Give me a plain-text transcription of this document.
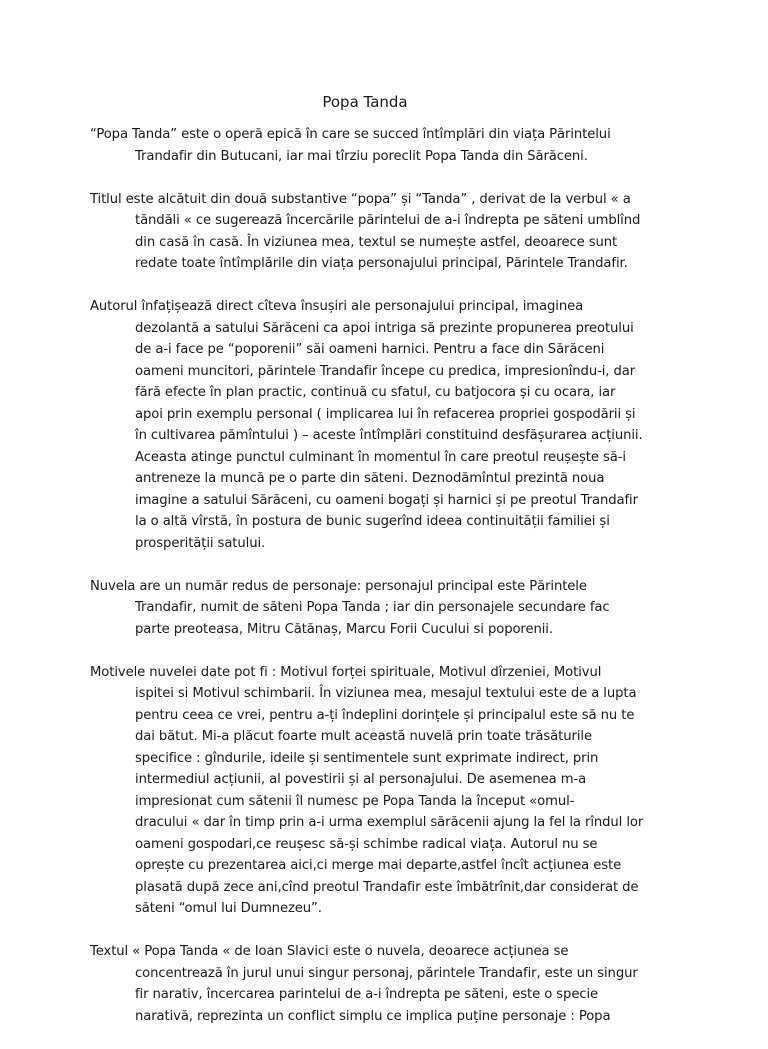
Popa Tanda

“Popa Tanda” este o operă epică în care se succed întîmplări din viața Părintelui
Trandafir din Butucani, iar mai tîrziu poreclit Popa Tanda din Sărăceni.

Titlul este alcătuit din două substantive “popa” și “Tanda” , derivat de la verbul « a
tăndăli « ce sugerează încercările părintelui de a-i îndrepta pe săteni umblînd
din casă în casă. În viziunea mea, textul se numește astfel, deoarece sunt
redate toate întîmplările din viața personajului principal, Părintele Trandafir.

Autorul înfațișează direct cîteva însușiri ale personajului principal, imaginea
dezolantă a satului Sărăceni ca apoi intriga să prezinte propunerea preotului
de a-i face pe “poporenii” săi oameni harnici. Pentru a face din Sărăceni
oameni muncitori, părintele Trandafir începe cu predica, impresionîndu-i, dar
fără efecte în plan practic, continuă cu sfatul, cu batjocora și cu ocara, iar
apoi prin exemplu personal ( implicarea lui în refacerea propriei gospodării și
în cultivarea pămîntului ) – aceste întîmplări constituind desfășurarea acțiunii.
Aceasta atinge punctul culminant în momentul în care preotul reușește să-i
antreneze la muncă pe o parte din săteni. Deznodămîntul prezintă noua
imagine a satului Sărăceni, cu oameni bogați și harnici și pe preotul Trandafir
la o altă vîrstă, în postura de bunic sugerînd ideea continuității familiei și
prosperității satului.

Nuvela are un număr redus de personaje: personajul principal este Părintele
Trandafir, numit de săteni Popa Tanda ; iar din personajele secundare fac
parte preoteasa, Mitru Cătănaș, Marcu Forii Cucului si poporenii.

Motivele nuvelei date pot fi : Motivul forței spirituale, Motivul dîrzeniei, Motivul
ispitei si Motivul schimbarii. În viziunea mea, mesajul textului este de a lupta
pentru ceea ce vrei, pentru a-ți îndeplini dorințele și principalul este să nu te
dai bătut. Mi-a plăcut foarte mult această nuvelă prin toate trăsăturile
specifice : gîndurile, ideile și sentimentele sunt exprimate indirect, prin
intermediul acțiunii, al povestirii și al personajului. De asemenea m-a
impresionat cum sătenii îl numesc pe Popa Tanda la început «omul-
dracului « dar în timp prin a-i urma exemplul sărăcenii ajung la fel la rîndul lor
oameni gospodari,ce reușesc să-și schimbe radical viața. Autorul nu se
oprește cu prezentarea aici,ci merge mai departe,astfel încît acțiunea este
plasată după zece ani,cînd preotul Trandafir este îmbătrînit,dar considerat de
săteni “omul lui Dumnezeu”.

Textul « Popa Tanda « de Ioan Slavici este o nuvela, deoarece acțiunea se
concentrează în jurul unui singur personaj, părintele Trandafir, este un singur
fir narativ, încercarea parintelui de a-i îndrepta pe săteni, este o specie
narativă, reprezinta un conflict simplu ce implica puține personaje : Popa
